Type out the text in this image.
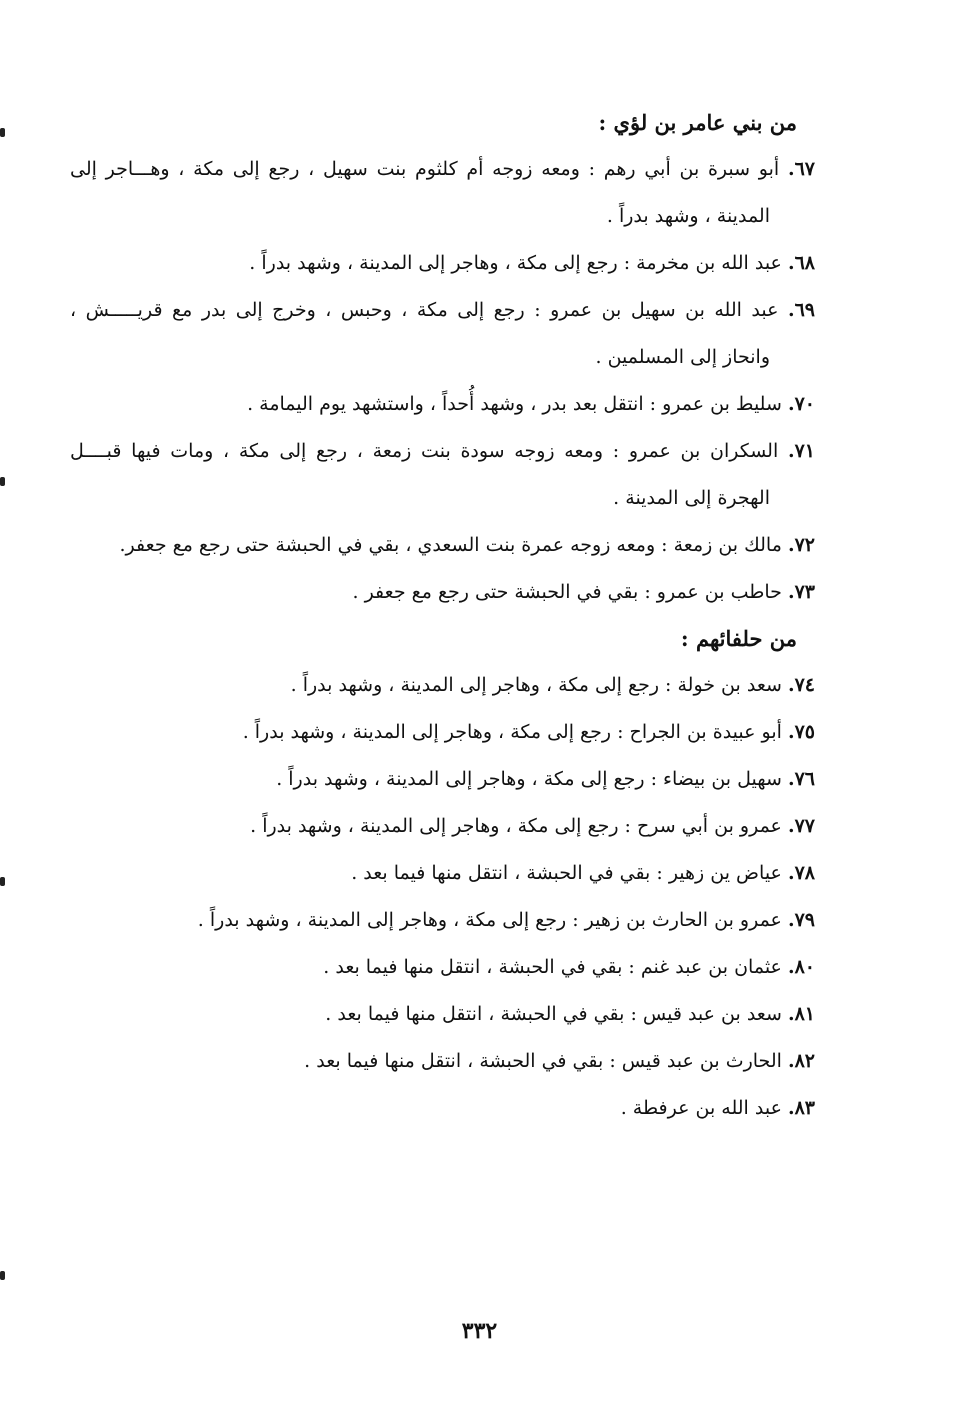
من بني عامر بن لؤي :
٦٧. أبو سبرة بن أبي رهم : ومعه زوجه أم كلثوم بنت سهيل ، رجع إلى مكة ، وهـــاجر إلى
المدينة ، وشهد بدراً .
٦٨. عبد الله بن مخرمة : رجع إلى مكة ، وهاجر إلى المدينة ، وشهد بدراً .
٦٩. عبد الله بن سهيل بن عمرو : رجع إلى مكة ، وحبس ، وخرج إلى بدر مع قريـــــش ،
وانحاز إلى المسلمين .
٧٠. سليط بن عمرو : انتقل بعد بدر ، وشهد أُحداً ، واستشهد يوم اليمامة .
٧١. السكران بن عمرو : ومعه زوجه سودة بنت زمعة ، رجع إلى مكة ، ومات فيها قبــــل
الهجرة إلى المدينة .
٧٢. مالك بن زمعة : ومعه زوجه عمرة بنت السعدي ، بقي في الحبشة حتى رجع مع جعفر.
٧٣. حاطب بن عمرو : بقي في الحبشة حتى رجع مع جعفر .
من حلفائهم :
٧٤. سعد بن خولة : رجع إلى مكة ، وهاجر إلى المدينة ، وشهد بدراً .
٧٥. أبو عبيدة بن الجراح : رجع إلى مكة ، وهاجر إلى المدينة ، وشهد بدراً .
٧٦. سهيل بن بيضاء : رجع إلى مكة ، وهاجر إلى المدينة ، وشهد بدراً .
٧٧. عمرو بن أبي سرح : رجع إلى مكة ، وهاجر إلى المدينة ، وشهد بدراً .
٧٨. عياض ين زهير : بقي في الحبشة ، انتقل منها فيما بعد .
٧٩. عمرو بن الحارث بن زهير : رجع إلى مكة ، وهاجر إلى المدينة ، وشهد بدراً .
٨٠. عثمان بن عبد غنم : بقي في الحبشة ، انتقل منها فيما بعد .
٨١. سعد بن عبد قيس : بقي في الحبشة ، انتقل منها فيما بعد .
٨٢. الحارث بن عبد قيس : بقي في الحبشة ، انتقل منها فيما بعد .
٨٣. عبد الله بن عرفطة .
٣٣٢
